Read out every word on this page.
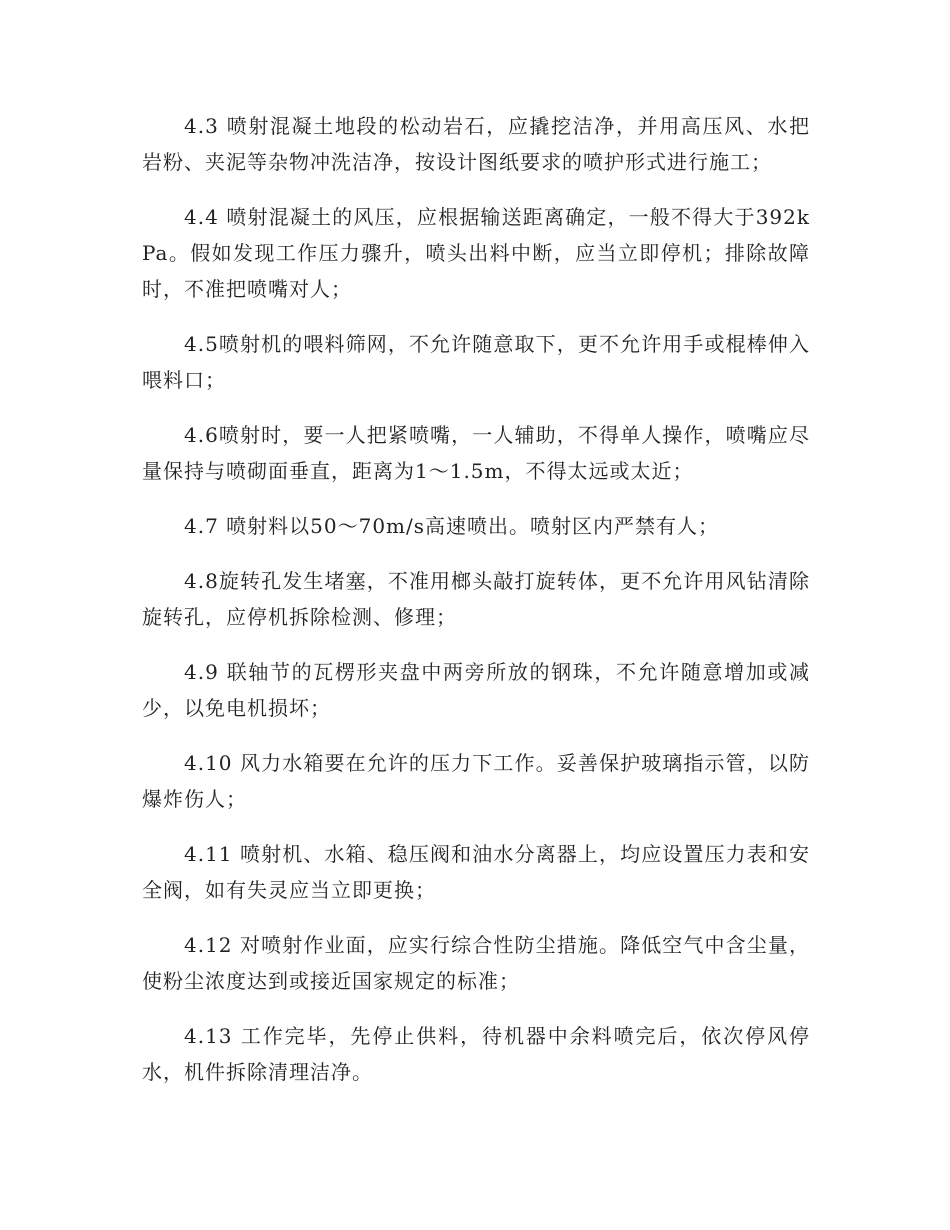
4.3 喷射混凝土地段的松动岩石，应撬挖洁净，并用高压风、水把岩粉、夹泥等杂物冲洗洁净，按设计图纸要求的喷护形式进行施工；

4.4 喷射混凝土的风压，应根据输送距离确定，一般不得大于392kPa。假如发现工作压力骤升，喷头出料中断，应当立即停机；排除故障时，不准把喷嘴对人；

4.5喷射机的喂料筛网，不允许随意取下，更不允许用手或棍棒伸入喂料口；

4.6喷射时，要一人把紧喷嘴，一人辅助，不得单人操作，喷嘴应尽量保持与喷砌面垂直，距离为1～1.5m，不得太远或太近；

4.7 喷射料以50～70m/s高速喷出。喷射区内严禁有人；

4.8旋转孔发生堵塞，不准用榔头敲打旋转体，更不允许用风钻清除旋转孔，应停机拆除检测、修理；

4.9 联轴节的瓦楞形夹盘中两旁所放的钢珠，不允许随意增加或减少，以免电机损坏；

4.10 风力水箱要在允许的压力下工作。妥善保护玻璃指示管，以防爆炸伤人；

4.11 喷射机、水箱、稳压阀和油水分离器上，均应设置压力表和安全阀，如有失灵应当立即更换；

4.12 对喷射作业面，应实行综合性防尘措施。降低空气中含尘量，使粉尘浓度达到或接近国家规定的标准；

4.13 工作完毕，先停止供料，待机器中余料喷完后，依次停风停水，机件拆除清理洁净。
